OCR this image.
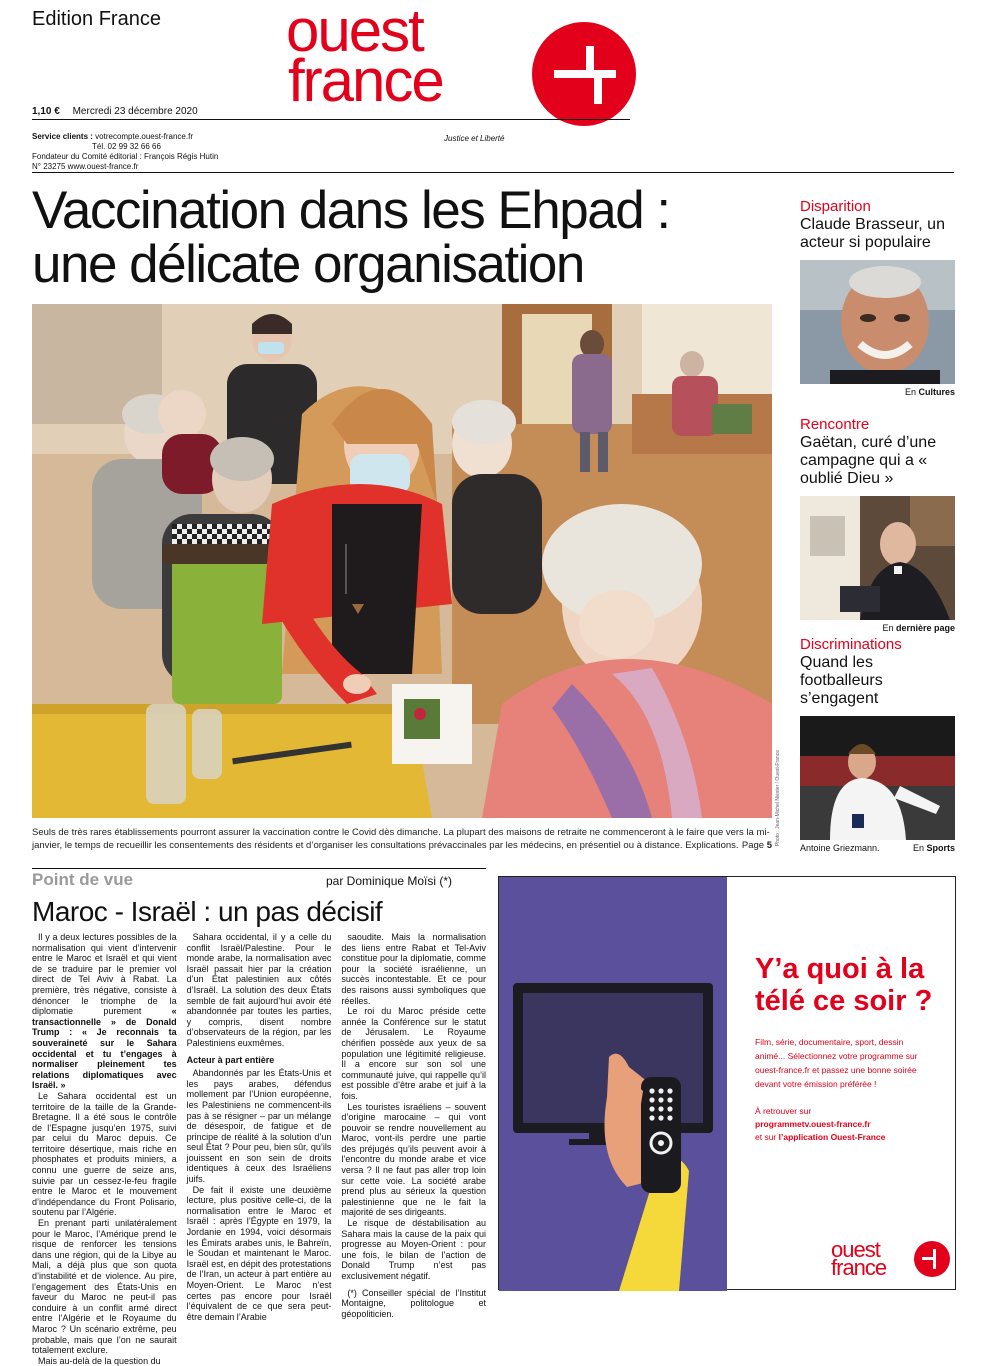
Edition France ouest
france
1,10 € Mercredi 23 décembre 2020
Service clients : votrecompte.ouest-france.fr
Tél. 02 99 32 66 66
Fondateur du Comité éditorial : François Régis Hutin
N° 23275 www.ouest-france.fr
Justice et Liberté
Vaccination dans les Ehpad :
une délicate organisation
Photo : Jean-Michel Niester / Ouest-France
Seuls de très rares établissements pourront assurer la vaccination contre le Covid dès dimanche. La plupart des maisons de retraite ne commenceront à le faire que vers la mi-janvier, le temps de recueillir les consentements des résidents et d’organiser les consultations prévaccinales par les médecins, en présentiel ou à distance. Explications. Page 5
Disparition
Claude Brasseur, un acteur si populaire
En Cultures
Rencontre
Gaëtan, curé d’une campagne qui a « oublié Dieu »
En dernière page
Discriminations
Quand les footballeurs s’engagent
Antoine Griezmann.	En Sports
Point de vue	par Dominique Moïsi (*)
Maroc - Israël : un pas décisif

Il y a deux lectures possibles de la normalisation qui vient d’intervenir entre le Maroc et Israël et qui vient de se traduire par le premier vol direct de Tel Aviv à Rabat. La première, très négative, consiste à dénoncer le triomphe de la diplomatie purement « transactionnelle » de Donald Trump : « Je reconnais ta souveraineté sur le Sahara occidental et tu t’engages à normaliser pleinement tes relations diplomatiques avec Israël. »

Le Sahara occidental est un territoire de la taille de la Grande-Bretagne. Il a été sous le contrôle de l’Espagne jusqu’en 1975, suivi par celui du Maroc depuis. Ce territoire désertique, mais riche en phosphates et produits miniers, a connu une guerre de seize ans, suivie par un cessez-le-feu fragile entre le Maroc et le mouvement d’indépendance du Front Polisario, soutenu par l’Algérie.

En prenant parti unilatéralement pour le Maroc, l’Amérique prend le risque de renforcer les tensions dans une région, qui de la Libye au Mali, a déjà plus que son quota d’instabilité et de violence. Au pire, l’engagement des États-Unis en faveur du Maroc ne peut-il pas conduire à un conflit armé direct entre l’Algérie et le Royaume du Maroc ? Un scénario extrême, peu probable, mais que l’on ne saurait totalement exclure.

Mais au-delà de la question du

Sahara occidental, il y a celle du conflit Israël/Palestine. Pour le monde arabe, la normalisation avec Israël passait hier par la création d’un État palestinien aux côtés d’Israël. La solution des deux États semble de fait aujourd’hui avoir été abandonnée par toutes les parties, y compris, disent nombre d’observateurs de la région, par les Palestiniens euxmêmes.

Acteur à part entière

Abandonnés par les États-Unis et les pays arabes, défendus mollement par l’Union européenne, les Palestiniens ne commencent-ils pas à se résigner – par un mélange de désespoir, de fatigue et de principe de réalité à la solution d’un seul État ? Pour peu, bien sûr, qu’ils jouissent en son sein de droits identiques à ceux des Israéliens juifs.

De fait il existe une deuxième lecture, plus positive celle-ci, de la normalisation entre le Maroc et Israël : après l’Égypte en 1979, la Jordanie en 1994, voici désormais les Émirats arabes unis, le Bahreïn, le Soudan et maintenant le Maroc. Israël est, en dépit des protestations de l’Iran, un acteur à part entière au Moyen-Orient. Le Maroc n’est certes pas encore pour Israël l’équivalent de ce que sera peut-être demain l’Arabie

saoudite. Mais la normalisation des liens entre Rabat et Tel-Aviv constitue pour la diplomatie, comme pour la société israélienne, un succès incontestable. Et ce pour des raisons aussi symboliques que réelles.

Le roi du Maroc préside cette année la Conférence sur le statut de Jérusalem. Le Royaume chérifien possède aux yeux de sa population une légitimité religieuse. Il a encore sur son sol une communauté juive, qui rappelle qu’il est possible d’être arabe et juif à la fois.

Les touristes israéliens – souvent d’origine marocaine – qui vont pouvoir se rendre nouvellement au Maroc, vont-ils perdre une partie des préjugés qu’ils peuvent avoir à l’encontre du monde arabe et vice versa ? Il ne faut pas aller trop loin sur cette voie. La société arabe prend plus au sérieux la question palestinienne que ne le fait la majorité de ses dirigeants.

Le risque de déstabilisation au Sahara mais la cause de la paix qui progresse au Moyen-Orient : pour une fois, le bilan de l’action de Donald Trump n’est pas exclusivement négatif.

(*) Conseiller spécial de l’Institut Montaigne, politologue et géopoliticien.

Y’a quoi à la télé ce soir ?
Film, série, documentaire, sport, dessin animé... Sélectionnez votre programme sur ouest-france.fr et passez une bonne soirée devant votre émission préférée !
À retrouver sur
programmetv.ouest-france.fr
et sur l’application Ouest-France
ouest
france
